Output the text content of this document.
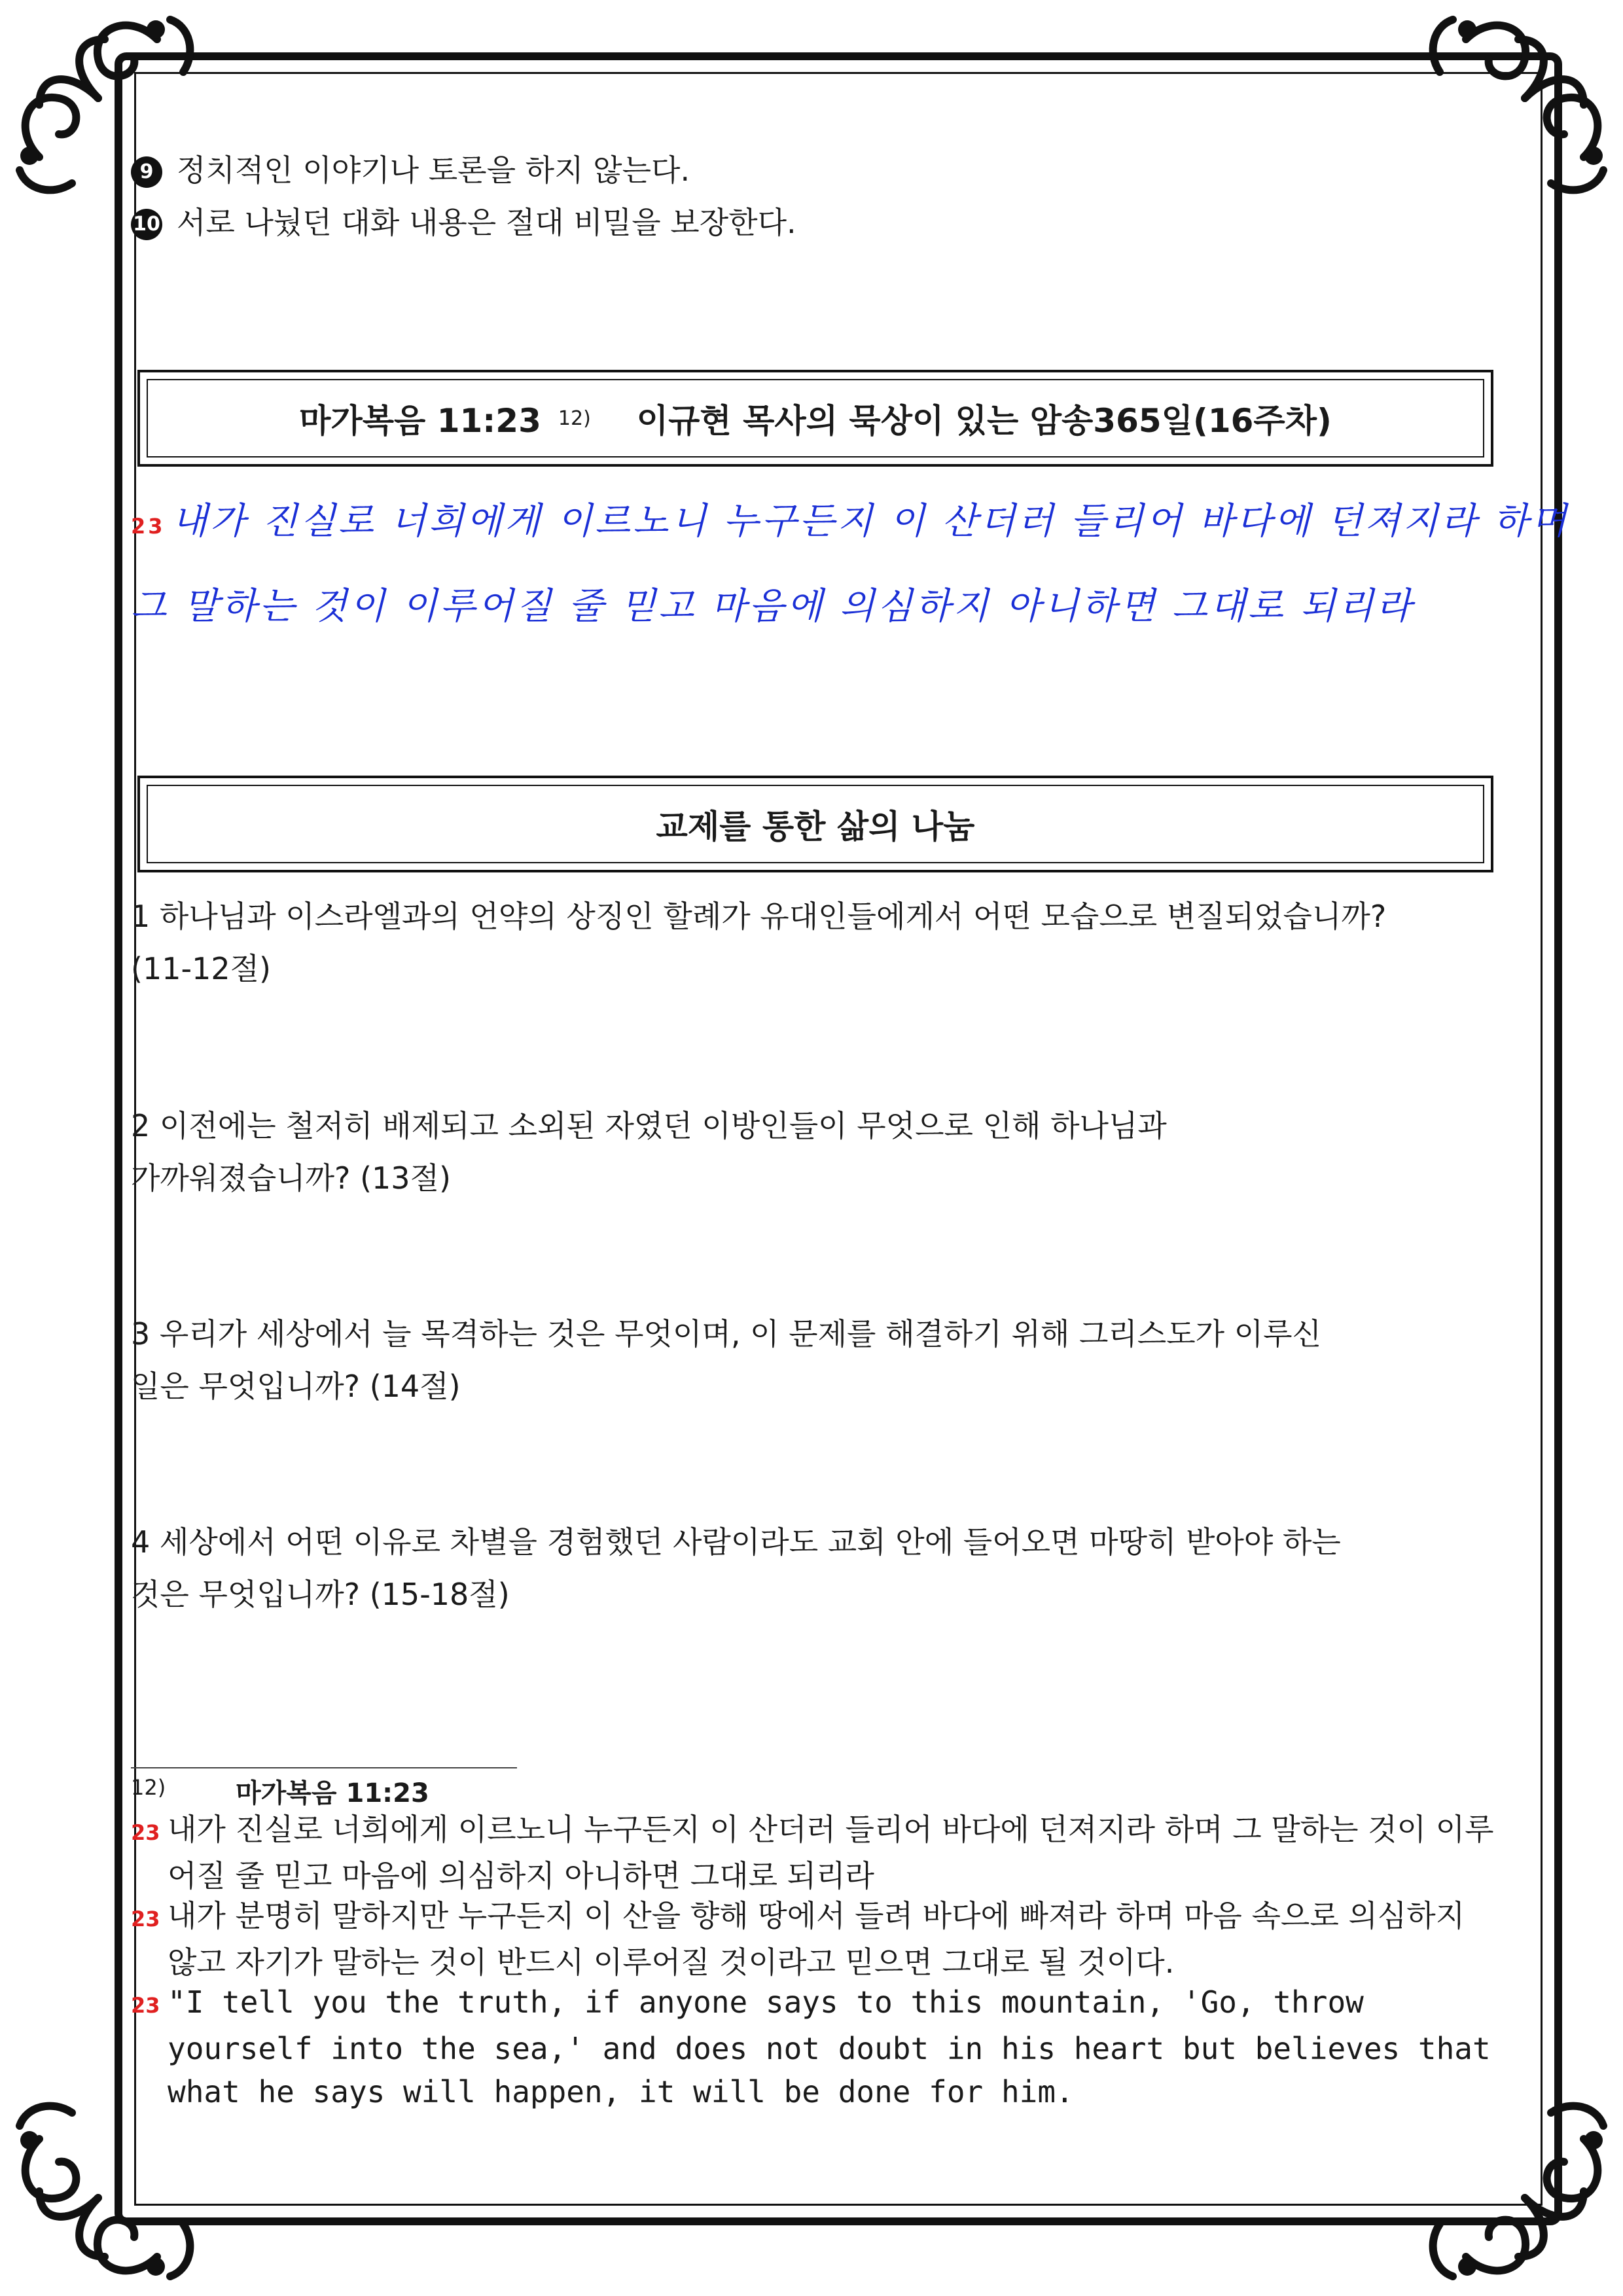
9 정치적인 이야기나 토론을 하지 않는다.
10 서로 나눴던 대화 내용은 절대 비밀을 보장한다.
마가복음 11:23 12) 이규현 목사의 묵상이 있는 암송365일(16주차)
23 내가 진실로 너희에게 이르노니 누구든지 이 산더러 들리어 바다에 던져지라 하며
그 말하는 것이 이루어질 줄 믿고 마음에 의심하지 아니하면 그대로 되리라
교제를 통한 삶의 나눔
1 하나님과 이스라엘과의 언약의 상징인 할례가 유대인들에게서 어떤 모습으로 변질되었습니까?
(11-12절)
2 이전에는 철저히 배제되고 소외된 자였던 이방인들이 무엇으로 인해 하나님과
가까워졌습니까? (13절)
3 우리가 세상에서 늘 목격하는 것은 무엇이며, 이 문제를 해결하기 위해 그리스도가 이루신
일은 무엇입니까? (14절)
4 세상에서 어떤 이유로 차별을 경험했던 사람이라도 교회 안에 들어오면 마땅히 받아야 하는
것은 무엇입니까? (15-18절)
12)	마가복음 11:23
23 내가 진실로 너희에게 이르노니 누구든지 이 산더러 들리어 바다에 던져지라 하며 그 말하는 것이 이루어질 줄 믿고 마음에 의심하지 아니하면 그대로 되리라
23 내가 분명히 말하지만 누구든지 이 산을 향해 땅에서 들려 바다에 빠져라 하며 마음 속으로 의심하지 않고 자기가 말하는 것이 반드시 이루어질 것이라고 믿으면 그대로 될 것이다.
23 "I tell you the truth, if anyone says to this mountain, 'Go, throw yourself into the sea,' and does not doubt in his heart but believes that what he says will happen, it will be done for him.
